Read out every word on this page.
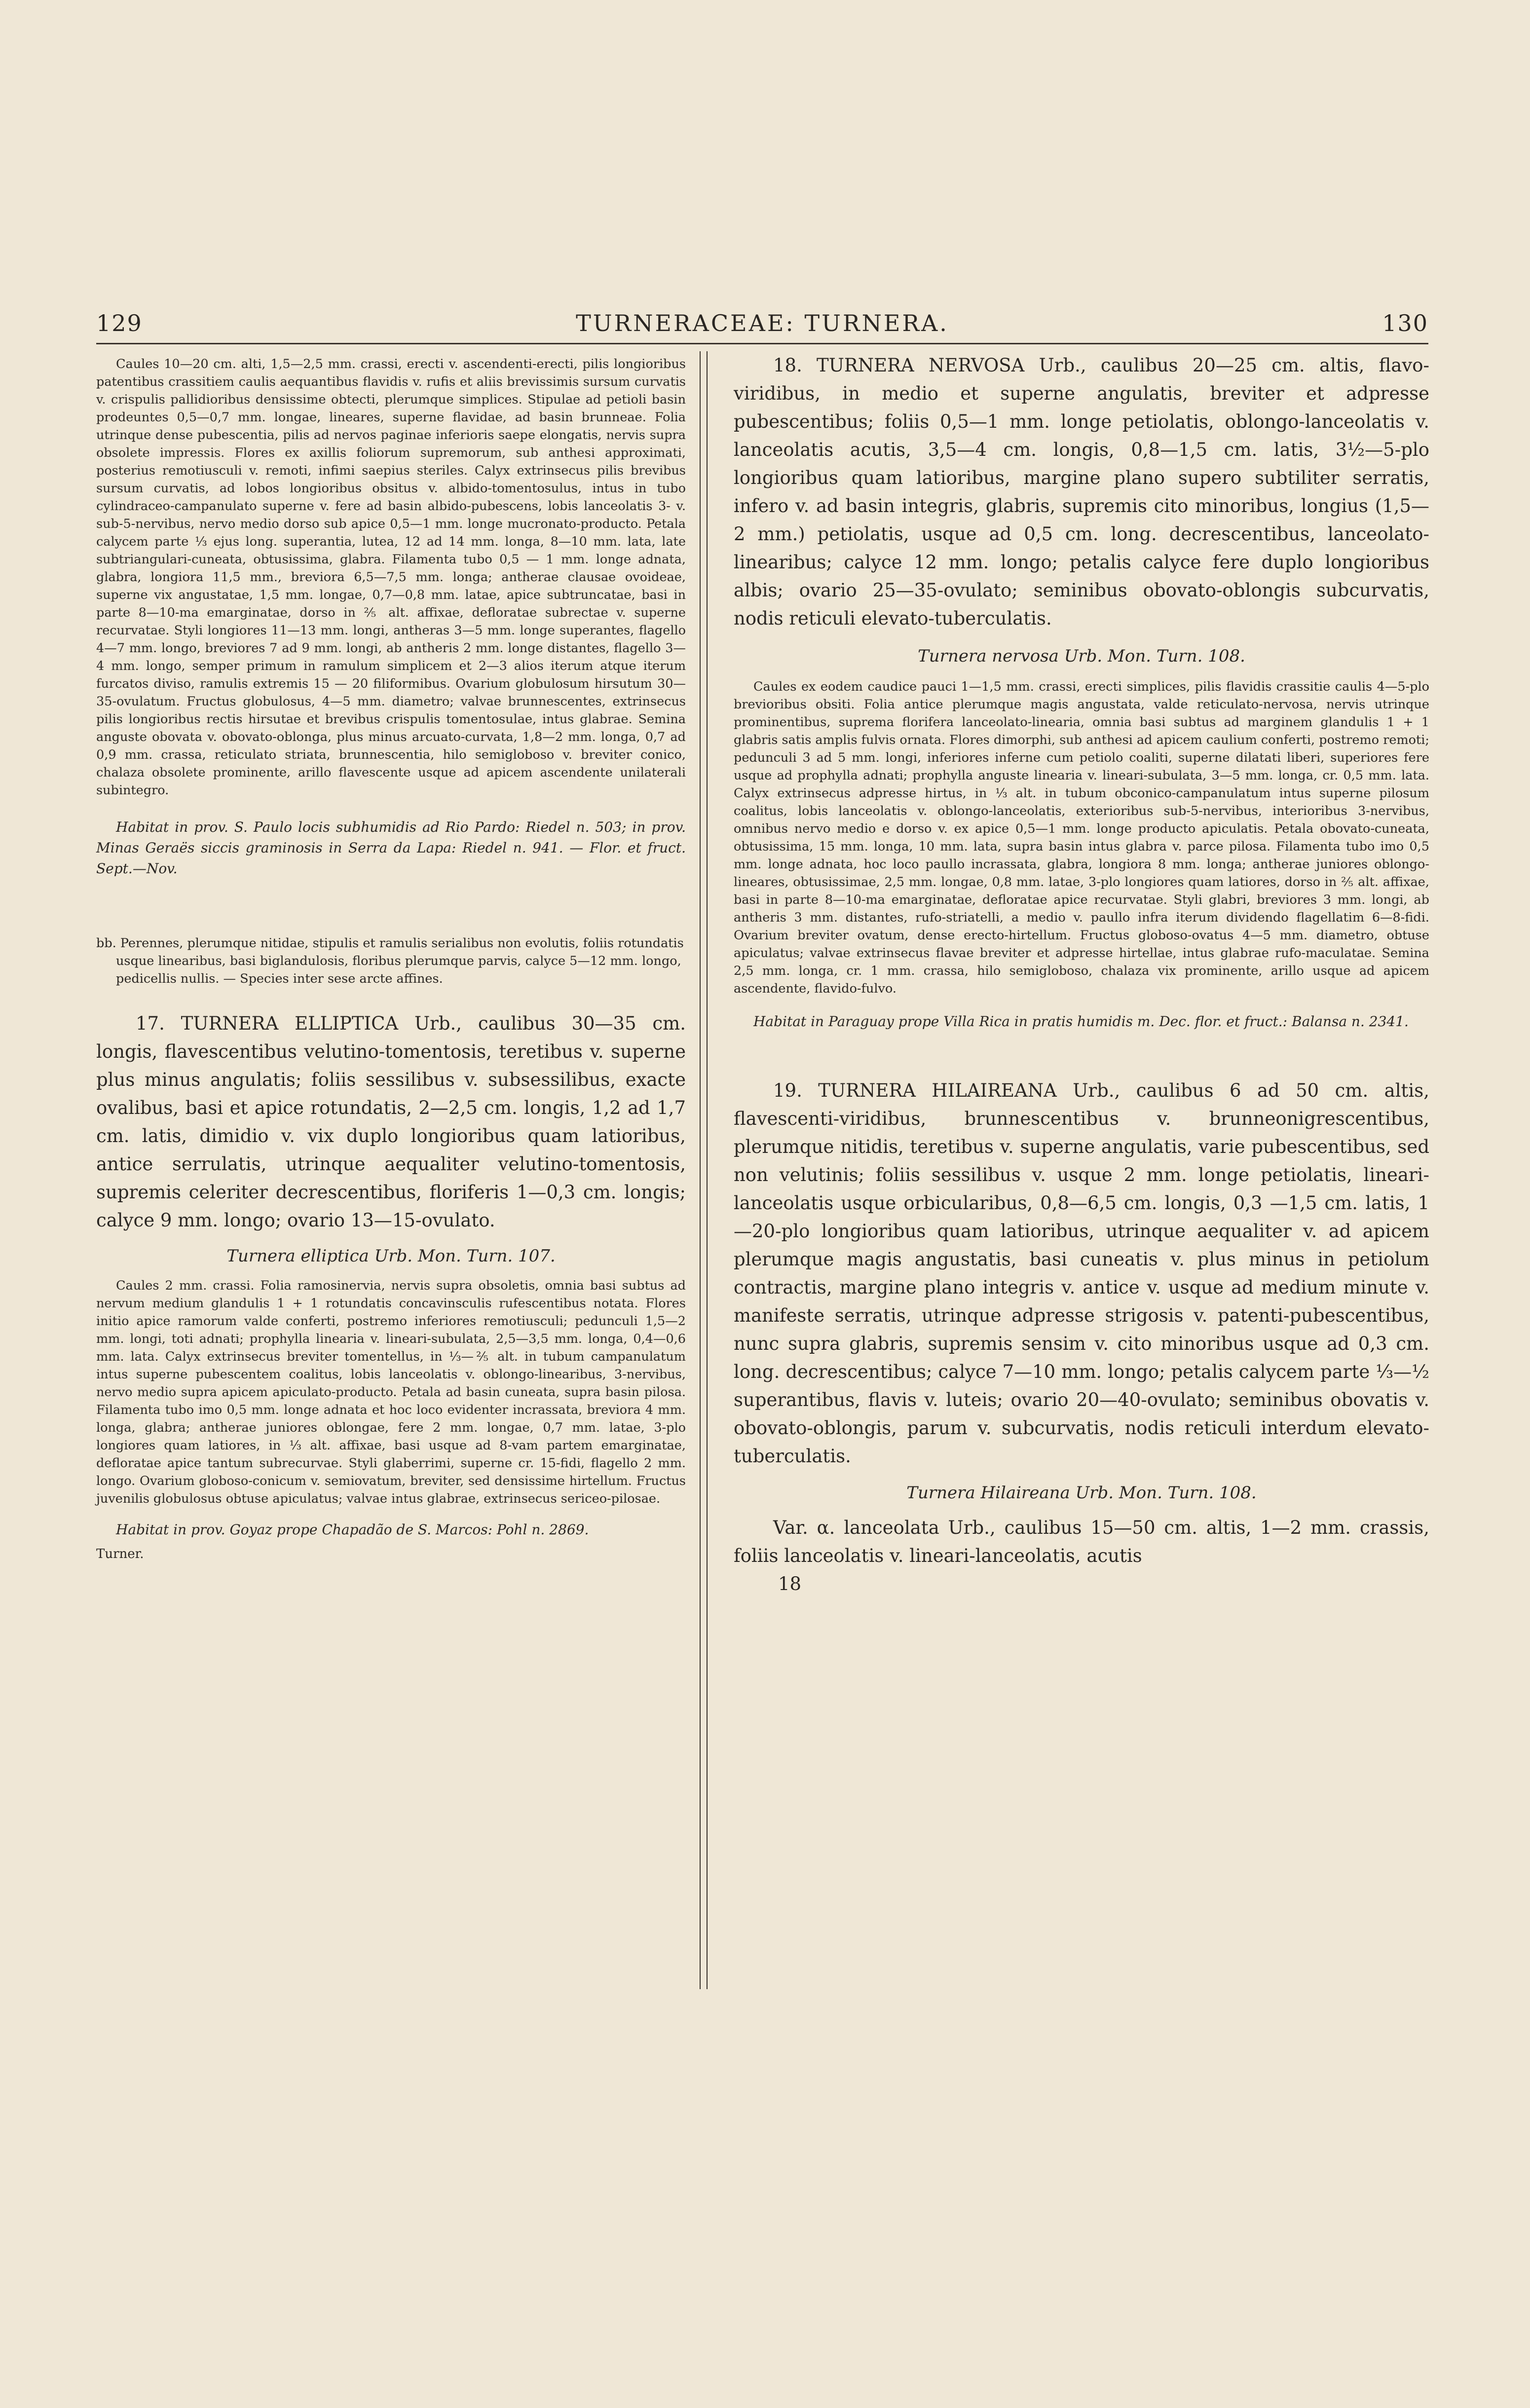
129	TURNERACEAE: TURNERA.	130

Caules 10—20 cm. alti, 1,5—2,5 mm. crassi, erecti v. ascendenti-erecti, pilis longioribus patentibus crassitiem caulis aequantibus flavidis v. rufis et aliis brevissimis sursum curvatis v. crispulis pallidioribus densissime obtecti, plerumque simplices. Stipulae ad petioli basin prodeuntes 0,5—0,7 mm. longae, lineares, superne flavidae, ad basin brunneae. Folia utrinque dense pubescentia, pilis ad nervos paginae inferioris saepe elongatis, nervis supra obsolete impressis. Flores ex axillis foliorum supremorum, sub anthesi approximati, posterius remotiusculi v. remoti, infimi saepius steriles. Calyx extrinsecus pilis brevibus sursum curvatis, ad lobos longioribus obsitus v. albido-tomentosulus, intus in tubo cylindraceo-campanulato superne v. fere ad basin albido-pubescens, lobis lanceolatis 3- v. sub-5-nervibus, nervo medio dorso sub apice 0,5—1 mm. longe mucronato-producto. Petala calycem parte ⅓ ejus long. superantia, lutea, 12 ad 14 mm. longa, 8—10 mm. lata, late subtriangulari-cuneata, obtusissima, glabra. Filamenta tubo 0,5 — 1 mm. longe adnata, glabra, longiora 11,5 mm., breviora 6,5—7,5 mm. longa; antherae clausae ovoideae, superne vix angustatae, 1,5 mm. longae, 0,7—0,8 mm. latae, apice subtruncatae, basi in parte 8—10-ma emarginatae, dorso in ⅖ alt. affixae, defloratae subrectae v. superne recurvatae. Styli longiores 11—13 mm. longi, antheras 3—5 mm. longe superantes, flagello 4—7 mm. longo, breviores 7 ad 9 mm. longi, ab antheris 2 mm. longe distantes, flagello 3—4 mm. longo, semper primum in ramulum simplicem et 2—3 alios iterum atque iterum furcatos diviso, ramulis extremis 15 — 20 filiformibus. Ovarium globulosum hirsutum 30—35-ovulatum. Fructus globulosus, 4—5 mm. diametro; valvae brunnescentes, extrinsecus pilis longioribus rectis hirsutae et brevibus crispulis tomentosulae, intus glabrae. Semina anguste obovata v. obovato-oblonga, plus minus arcuato-curvata, 1,8—2 mm. longa, 0,7 ad 0,9 mm. crassa, reticulato striata, brunnescentia, hilo semigloboso v. breviter conico, chalaza obsolete prominente, arillo flavescente usque ad apicem ascendente unilaterali subintegro.

Habitat in prov. S. Paulo locis subhumidis ad Rio Pardo: Riedel n. 503; in prov. Minas Geraës siccis graminosis in Serra da Lapa: Riedel n. 941. — Flor. et fruct. Sept.—Nov.

bb. Perennes, plerumque nitidae, stipulis et ramulis serialibus non evolutis, foliis rotundatis usque linearibus, basi biglandulosis, floribus plerumque parvis, calyce 5—12 mm. longo, pedicellis nullis. — Species inter sese arcte affines.

17. TURNERA ELLIPTICA Urb., caulibus 30—35 cm. longis, flavescentibus velutino-tomentosis, teretibus v. superne plus minus angulatis; foliis sessilibus v. subsessilibus, exacte ovalibus, basi et apice rotundatis, 2—2,5 cm. longis, 1,2 ad 1,7 cm. latis, dimidio v. vix duplo longioribus quam latioribus, antice serrulatis, utrinque aequaliter velutino-tomentosis, supremis celeriter decrescentibus, floriferis 1—0,3 cm. longis; calyce 9 mm. longo; ovario 13—15-ovulato.

Turnera elliptica Urb. Mon. Turn. 107.

Caules 2 mm. crassi. Folia ramosinervia, nervis supra obsoletis, omnia basi subtus ad nervum medium glandulis 1 + 1 rotundatis concavinsculis rufescentibus notata. Flores initio apice ramorum valde conferti, postremo inferiores remotiusculi; pedunculi 1,5—2 mm. longi, toti adnati; prophylla linearia v. lineari-subulata, 2,5—3,5 mm. longa, 0,4—0,6 mm. lata. Calyx extrinsecus breviter tomentellus, in ⅓—⅖ alt. in tubum campanulatum intus superne pubescentem coalitus, lobis lanceolatis v. oblongo-linearibus, 3-nervibus, nervo medio supra apicem apiculato-producto. Petala ad basin cuneata, supra basin pilosa. Filamenta tubo imo 0,5 mm. longe adnata et hoc loco evidenter incrassata, breviora 4 mm. longa, glabra; antherae juniores oblongae, fere 2 mm. longae, 0,7 mm. latae, 3-plo longiores quam latiores, in ⅓ alt. affixae, basi usque ad 8-vam partem emarginatae, defloratae apice tantum subrecurvae. Styli glaberrimi, superne cr. 15-fidi, flagello 2 mm. longo. Ovarium globoso-conicum v. semiovatum, breviter, sed densissime hirtellum. Fructus juvenilis globulosus obtuse apiculatus; valvae intus glabrae, extrinsecus sericeo-pilosae.

Habitat in prov. Goyaz prope Chapadão de S. Marcos: Pohl n. 2869.

Turner.

18. TURNERA NERVOSA Urb., caulibus 20—25 cm. altis, flavo-viridibus, in medio et superne angulatis, breviter et adpresse pubescentibus; foliis 0,5—1 mm. longe petiolatis, oblongo-lanceolatis v. lanceolatis acutis, 3,5—4 cm. longis, 0,8—1,5 cm. latis, 3½—5-plo longioribus quam latioribus, margine plano supero subtiliter serratis, infero v. ad basin integris, glabris, supremis cito minoribus, longius (1,5—2 mm.) petiolatis, usque ad 0,5 cm. long. decrescentibus, lanceolato-linearibus; calyce 12 mm. longo; petalis calyce fere duplo longioribus albis; ovario 25—35-ovulato; seminibus obovato-oblongis subcurvatis, nodis reticuli elevato-tuberculatis.

Turnera nervosa Urb. Mon. Turn. 108.

Caules ex eodem caudice pauci 1—1,5 mm. crassi, erecti simplices, pilis flavidis crassitie caulis 4—5-plo brevioribus obsiti. Folia antice plerumque magis angustata, valde reticulato-nervosa, nervis utrinque prominentibus, suprema florifera lanceolato-linearia, omnia basi subtus ad marginem glandulis 1 + 1 glabris satis amplis fulvis ornata. Flores dimorphi, sub anthesi ad apicem caulium conferti, postremo remoti; pedunculi 3 ad 5 mm. longi, inferiores inferne cum petiolo coaliti, superne dilatati liberi, superiores fere usque ad prophylla adnati; prophylla anguste linearia v. lineari-subulata, 3—5 mm. longa, cr. 0,5 mm. lata. Calyx extrinsecus adpresse hirtus, in ⅓ alt. in tubum obconico-campanulatum intus superne pilosum coalitus, lobis lanceolatis v. oblongo-lanceolatis, exterioribus sub-5-nervibus, interioribus 3-nervibus, omnibus nervo medio e dorso v. ex apice 0,5—1 mm. longe producto apiculatis. Petala obovato-cuneata, obtusissima, 15 mm. longa, 10 mm. lata, supra basin intus glabra v. parce pilosa. Filamenta tubo imo 0,5 mm. longe adnata, hoc loco paullo incrassata, glabra, longiora 8 mm. longa; antherae juniores oblongo-lineares, obtusissimae, 2,5 mm. longae, 0,8 mm. latae, 3-plo longiores quam latiores, dorso in ⅖ alt. affixae, basi in parte 8—10-ma emarginatae, defloratae apice recurvatae. Styli glabri, breviores 3 mm. longi, ab antheris 3 mm. distantes, rufo-striatelli, a medio v. paullo infra iterum dividendo flagellatim 6—8-fidi. Ovarium breviter ovatum, dense erecto-hirtellum. Fructus globoso-ovatus 4—5 mm. diametro, obtuse apiculatus; valvae extrinsecus flavae breviter et adpresse hirtellae, intus glabrae rufo-maculatae. Semina 2,5 mm. longa, cr. 1 mm. crassa, hilo semigloboso, chalaza vix prominente, arillo usque ad apicem ascendente, flavido-fulvo.

Habitat in Paraguay prope Villa Rica in pratis humidis m. Dec. flor. et fruct.: Balansa n. 2341.

19. TURNERA HILAIREANA Urb., caulibus 6 ad 50 cm. altis, flavescenti-viridibus, brunnescentibus v. brunneonigrescentibus, plerumque nitidis, teretibus v. superne angulatis, varie pubescentibus, sed non velutinis; foliis sessilibus v. usque 2 mm. longe petiolatis, lineari-lanceolatis usque orbicularibus, 0,8—6,5 cm. longis, 0,3 —1,5 cm. latis, 1—20-plo longioribus quam latioribus, utrinque aequaliter v. ad apicem plerumque magis angustatis, basi cuneatis v. plus minus in petiolum contractis, margine plano integris v. antice v. usque ad medium minute v. manifeste serratis, utrinque adpresse strigosis v. patenti-pubescentibus, nunc supra glabris, supremis sensim v. cito minoribus usque ad 0,3 cm. long. decrescentibus; calyce 7—10 mm. longo; petalis calycem parte ⅓—½ superantibus, flavis v. luteis; ovario 20—40-ovulato; seminibus obovatis v. obovato-oblongis, parum v. subcurvatis, nodis reticuli interdum elevato-tuberculatis.

Turnera Hilaireana Urb. Mon. Turn. 108.

Var. α. lanceolata Urb., caulibus 15—50 cm. altis, 1—2 mm. crassis, foliis lanceolatis v. lineari-lanceolatis, acutis

18
